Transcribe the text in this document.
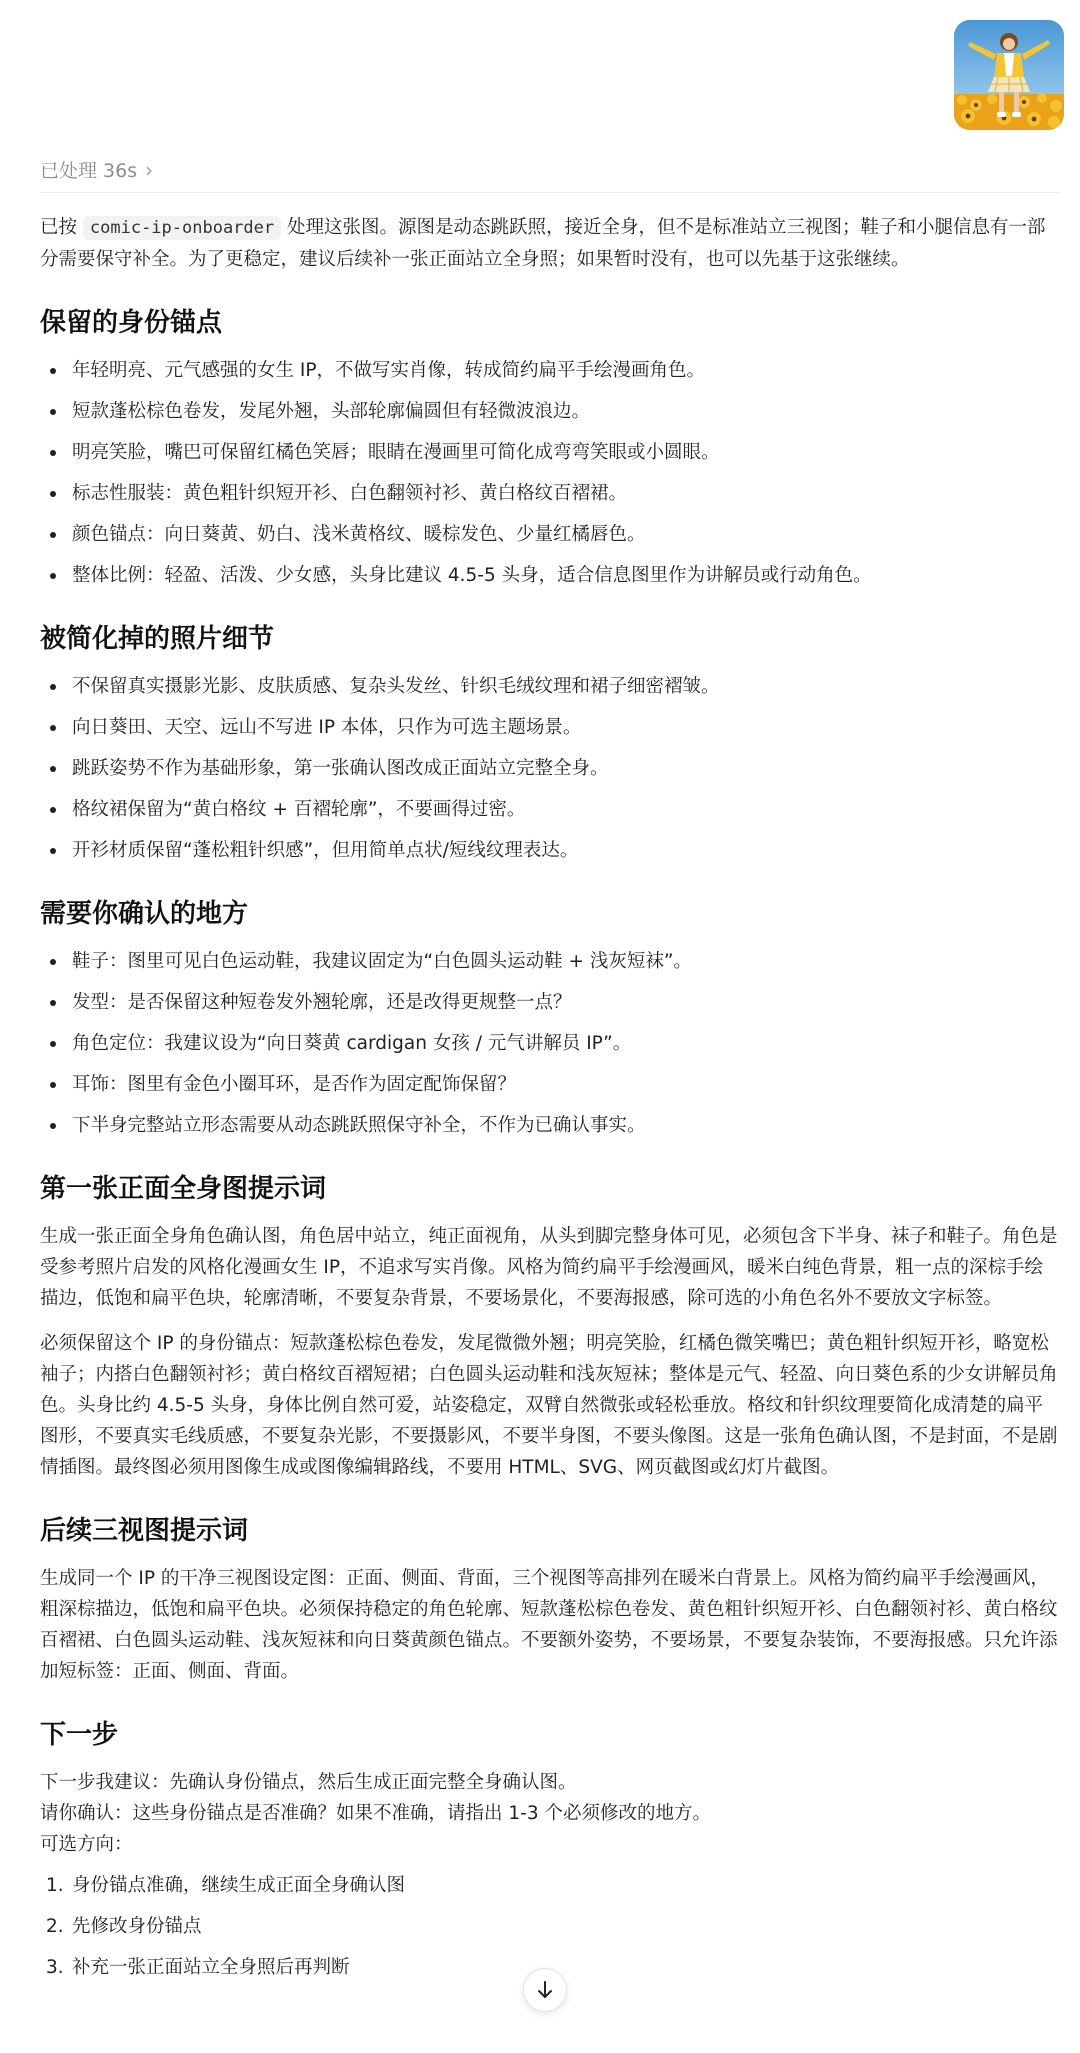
已处理 36s ›

已按 comic-ip-onboarder 处理这张图。源图是动态跳跃照，接近全身，但不是标准站立三视图；鞋子和小腿信息有一部分需要保守补全。为了更稳定，建议后续补一张正面站立全身照；如果暂时没有，也可以先基于这张继续。

保留的身份锚点
年轻明亮、元气感强的女生 IP，不做写实肖像，转成简约扁平手绘漫画角色。
短款蓬松棕色卷发，发尾外翘，头部轮廓偏圆但有轻微波浪边。
明亮笑脸，嘴巴可保留红橘色笑唇；眼睛在漫画里可简化成弯弯笑眼或小圆眼。
标志性服装：黄色粗针织短开衫、白色翻领衬衫、黄白格纹百褶裙。
颜色锚点：向日葵黄、奶白、浅米黄格纹、暖棕发色、少量红橘唇色。
整体比例：轻盈、活泼、少女感，头身比建议 4.5-5 头身，适合信息图里作为讲解员或行动角色。
被简化掉的照片细节
不保留真实摄影光影、皮肤质感、复杂头发丝、针织毛绒纹理和裙子细密褶皱。
向日葵田、天空、远山不写进 IP 本体，只作为可选主题场景。
跳跃姿势不作为基础形象，第一张确认图改成正面站立完整全身。
格纹裙保留为“黄白格纹 + 百褶轮廓”，不要画得过密。
开衫材质保留“蓬松粗针织感”，但用简单点状/短线纹理表达。
需要你确认的地方
鞋子：图里可见白色运动鞋，我建议固定为“白色圆头运动鞋 + 浅灰短袜”。
发型：是否保留这种短卷发外翘轮廓，还是改得更规整一点？
角色定位：我建议设为“向日葵黄 cardigan 女孩 / 元气讲解员 IP”。
耳饰：图里有金色小圈耳环，是否作为固定配饰保留？
下半身完整站立形态需要从动态跳跃照保守补全，不作为已确认事实。
第一张正面全身图提示词

生成一张正面全身角色确认图，角色居中站立，纯正面视角，从头到脚完整身体可见，必须包含下半身、袜子和鞋子。角色是受参考照片启发的风格化漫画女生 IP，不追求写实肖像。风格为简约扁平手绘漫画风，暖米白纯色背景，粗一点的深棕手绘描边，低饱和扁平色块，轮廓清晰，不要复杂背景，不要场景化，不要海报感，除可选的小角色名外不要放文字标签。

必须保留这个 IP 的身份锚点：短款蓬松棕色卷发，发尾微微外翘；明亮笑脸，红橘色微笑嘴巴；黄色粗针织短开衫，略宽松袖子；内搭白色翻领衬衫；黄白格纹百褶短裙；白色圆头运动鞋和浅灰短袜；整体是元气、轻盈、向日葵色系的少女讲解员角色。头身比约 4.5-5 头身，身体比例自然可爱，站姿稳定，双臂自然微张或轻松垂放。格纹和针织纹理要简化成清楚的扁平图形，不要真实毛线质感，不要复杂光影，不要摄影风，不要半身图，不要头像图。这是一张角色确认图，不是封面，不是剧情插图。最终图必须用图像生成或图像编辑路线，不要用 HTML、SVG、网页截图或幻灯片截图。

后续三视图提示词

生成同一个 IP 的干净三视图设定图：正面、侧面、背面，三个视图等高排列在暖米白背景上。风格为简约扁平手绘漫画风，粗深棕描边，低饱和扁平色块。必须保持稳定的角色轮廓、短款蓬松棕色卷发、黄色粗针织短开衫、白色翻领衬衫、黄白格纹百褶裙、白色圆头运动鞋、浅灰短袜和向日葵黄颜色锚点。不要额外姿势，不要场景，不要复杂装饰，不要海报感。只允许添加短标签：正面、侧面、背面。

下一步
下一步我建议：先确认身份锚点，然后生成正面完整全身确认图。
请你确认：这些身份锚点是否准确？如果不准确，请指出 1-3 个必须修改的地方。
可选方向：
1. 身份锚点准确，继续生成正面全身确认图
2. 先修改身份锚点
3. 补充一张正面站立全身照后再判断
